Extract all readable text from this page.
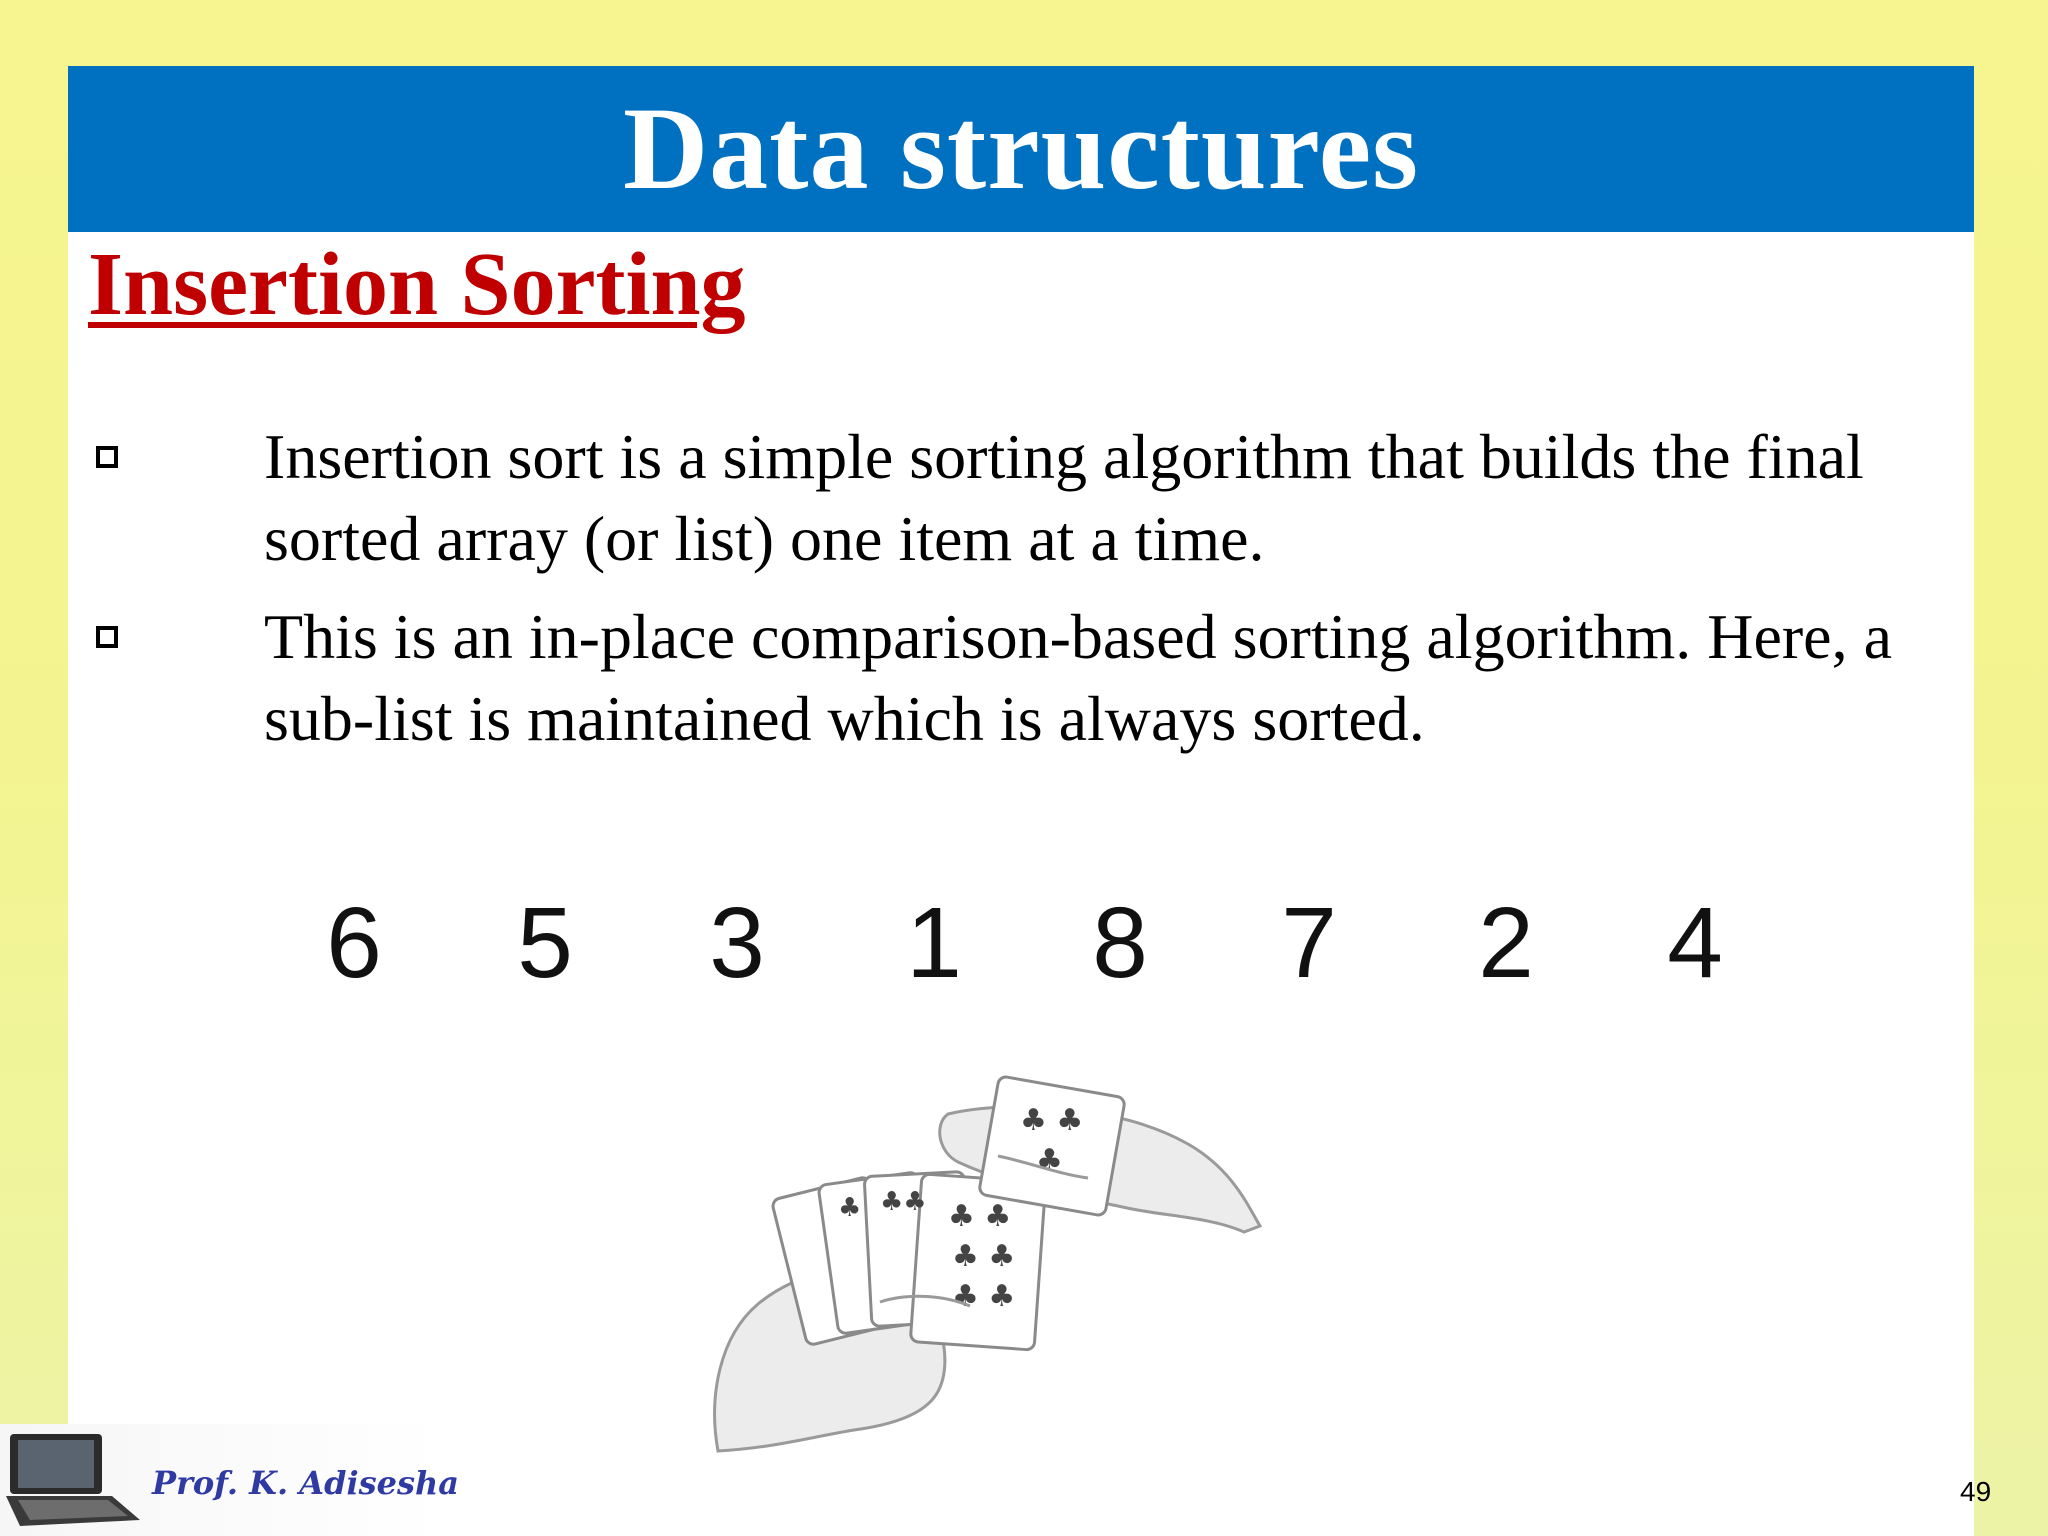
Data structures
Insertion Sorting
Insertion sort is a simple sorting algorithm that builds the final sorted array (or list) one item at a time.
This is an in-place comparison-based sorting algorithm. Here, a sub-list is maintained which is always sorted.
6 5 3 1 8 7 2 4
♣ ♣♣ ♣ ♣
♣ ♣
♣ ♣
♣ ♣
♣
49
Prof. K. Adisesha
